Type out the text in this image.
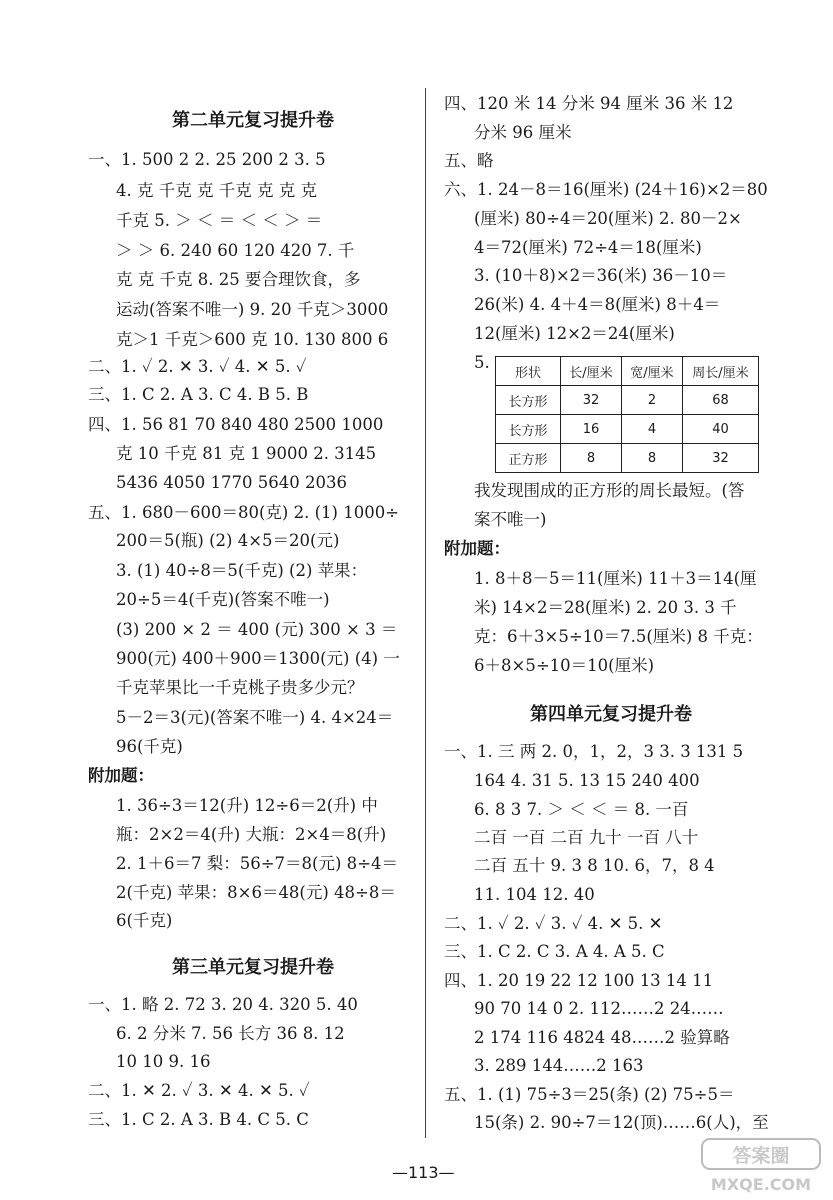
第二单元复习提升卷
一、1. 500 2 2. 25 200 2 3. 5
4. 克 千克 克 千克 克 克 克
千克 5. ＞ ＜ ＝ ＜ ＜ ＞ ＝
＞ ＞ 6. 240 60 120 420 7. 千
克 克 千克 8. 25 要合理饮食，多
运动(答案不唯一) 9. 20 千克＞3000
克＞1 千克＞600 克 10. 130 800 6
二、1. ✓ 2. ✕ 3. ✓ 4. ✕ 5. ✓
三、1. C 2. A 3. C 4. B 5. B
四、1. 56 81 70 840 480 2500 1000
克 10 千克 81 克 1 9000 2. 3145
5436 4050 1770 5640 2036
五、1. 680－600＝80(克) 2. (1) 1000÷
200＝5(瓶) (2) 4×5＝20(元)
3. (1) 40÷8＝5(千克) (2) 苹果：
20÷5＝4(千克)(答案不唯一)
(3) 200 × 2 ＝ 400 (元) 300 × 3 ＝
900(元) 400＋900＝1300(元) (4) 一
千克苹果比一千克桃子贵多少元？
5－2＝3(元)(答案不唯一) 4. 4×24＝
96(千克)
附加题：
1. 36÷3＝12(升) 12÷6＝2(升) 中
瓶：2×2＝4(升) 大瓶：2×4＝8(升)
2. 1＋6＝7 梨：56÷7＝8(元) 8÷4＝
2(千克) 苹果：8×6＝48(元) 48÷8＝
6(千克)
第三单元复习提升卷
一、1. 略 2. 72 3. 20 4. 320 5. 40
6. 2 分米 7. 56 长方 36 8. 12
10 10 9. 16
二、1. ✕ 2. ✓ 3. ✕ 4. ✕ 5. ✓
三、1. C 2. A 3. B 4. C 5. C
四、120 米 14 分米 94 厘米 36 米 12
分米 96 厘米
五、略
六、1. 24－8＝16(厘米) (24＋16)×2＝80
(厘米) 80÷4＝20(厘米) 2. 80－2×
4＝72(厘米) 72÷4＝18(厘米)
3. (10＋8)×2＝36(米) 36－10＝
26(米) 4. 4＋4＝8(厘米) 8＋4＝
12(厘米) 12×2＝24(厘米)
5.
形状	长/厘米	宽/厘米	周长/厘米
长方形	32	2	68
长方形	16	4	40
正方形	8	8	32
我发现围成的正方形的周长最短。(答
案不唯一)
附加题：
1. 8＋8－5＝11(厘米) 11＋3＝14(厘
米) 14×2＝28(厘米) 2. 20 3. 3 千
克：6＋3×5÷10＝7.5(厘米) 8 千克：
6＋8×5÷10＝10(厘米)
第四单元复习提升卷
一、1. 三 两 2. 0，1，2，3 3. 3 131 5
164 4. 31 5. 13 15 240 400
6. 8 3 7. ＞ ＜ ＜ ＝ 8. 一百
二百 一百 二百 九十 一百 八十
二百 五十 9. 3 8 10. 6，7，8 4
11. 104 12. 40
二、1. ✓ 2. ✓ 3. ✓ 4. ✕ 5. ✕
三、1. C 2. C 3. A 4. A 5. C
四、1. 20 19 22 12 100 13 14 11
90 70 14 0 2. 112……2 24……
2 174 116 4824 48……2 验算略
3. 289 144……2 163
五、1. (1) 75÷3＝25(条) (2) 75÷5＝
15(条) 2. 90÷7＝12(顶)……6(人)，至
—113—
答案圈
MXQE.COM
